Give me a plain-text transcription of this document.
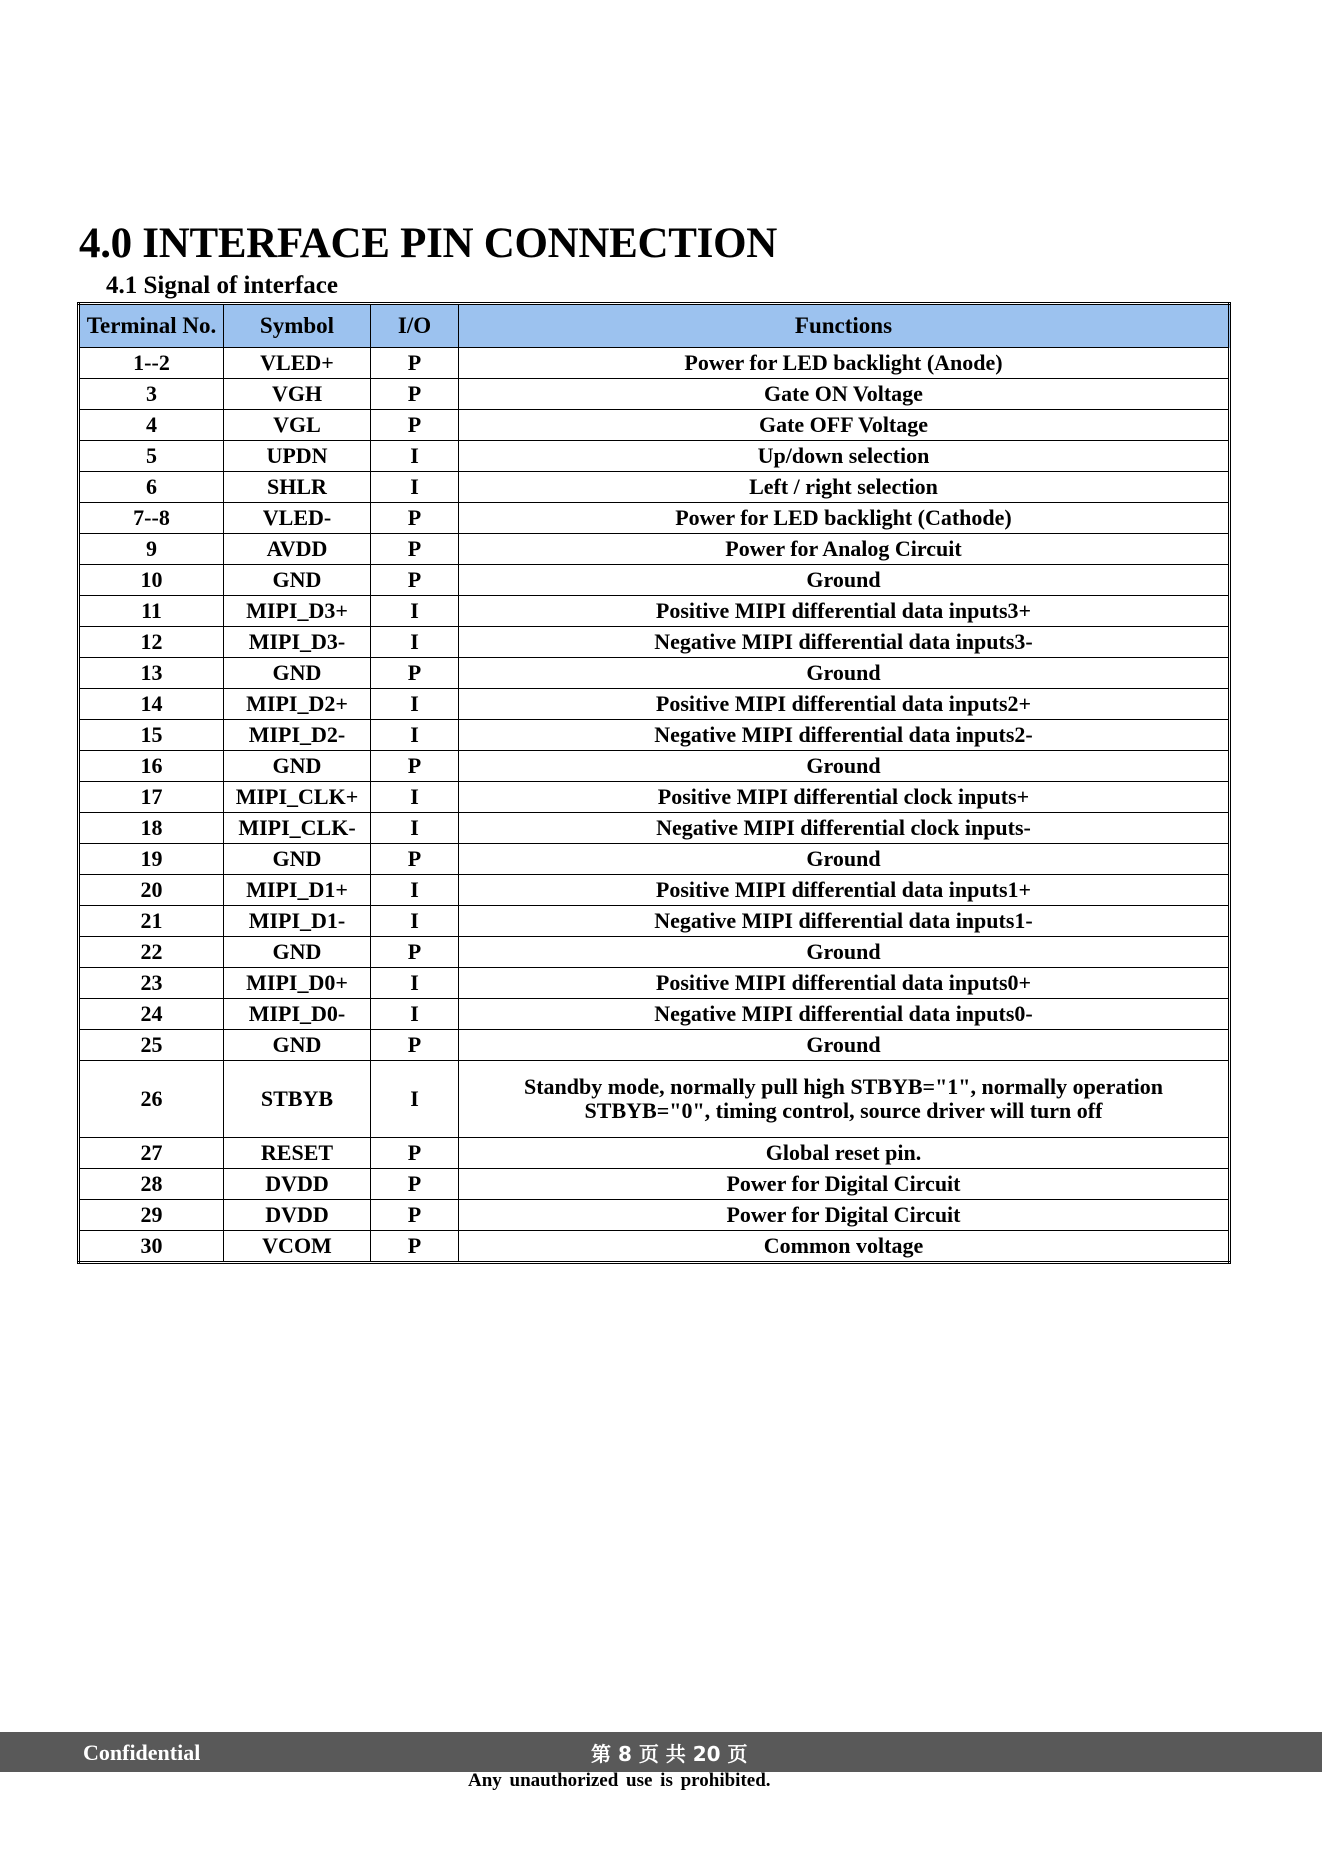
4.0 INTERFACE PIN CONNECTION
4.1 Signal of interface
Terminal No.	Symbol	I/O	Functions
1--2	VLED+	P	Power for LED backlight (Anode)
3	VGH	P	Gate ON Voltage
4	VGL	P	Gate OFF Voltage
5	UPDN	I	Up/down selection
6	SHLR	I	Left / right selection
7--8	VLED-	P	Power for LED backlight (Cathode)
9	AVDD	P	Power for Analog Circuit
10	GND	P	Ground
11	MIPI_D3+	I	Positive MIPI differential data inputs3+
12	MIPI_D3-	I	Negative MIPI differential data inputs3-
13	GND	P	Ground
14	MIPI_D2+	I	Positive MIPI differential data inputs2+
15	MIPI_D2-	I	Negative MIPI differential data inputs2-
16	GND	P	Ground
17	MIPI_CLK+	I	Positive MIPI differential clock inputs+
18	MIPI_CLK-	I	Negative MIPI differential clock inputs-
19	GND	P	Ground
20	MIPI_D1+	I	Positive MIPI differential data inputs1+
21	MIPI_D1-	I	Negative MIPI differential data inputs1-
22	GND	P	Ground
23	MIPI_D0+	I	Positive MIPI differential data inputs0+
24	MIPI_D0-	I	Negative MIPI differential data inputs0-
25	GND	P	Ground
26	STBYB	I	Standby mode, normally pull high STBYB="1", normally operation
STBYB="0", timing control, source driver will turn off

27	RESET	P	Global reset pin.
28	DVDD	P	Power for Digital Circuit
29	DVDD	P	Power for Digital Circuit
30	VCOM	P	Common voltage
Confidential	第 8 页 共 20 页
Any unauthorized use is prohibited.
